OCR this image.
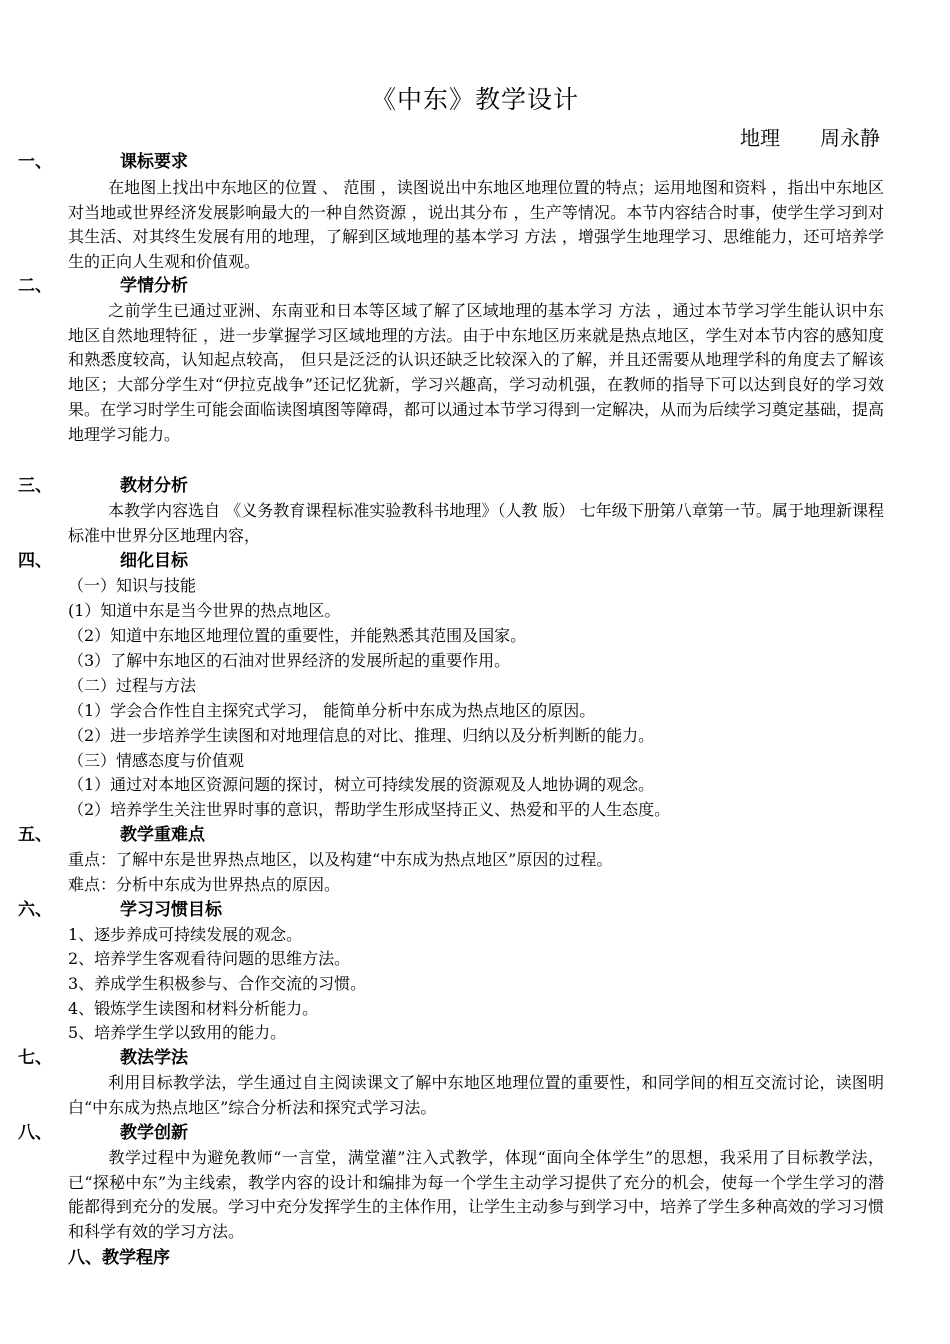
《中东》教学设计
地理　　周永静
一、	课标要求
在地图上找出中东地区的位置 、 范围 ，读图说出中东地区地理位置的特点；运用地图和资料 ，指出中东地区对当地或世界经济发展影响最大的一种自然资源 ，说出其分布 ，生产等情况。本节内容结合时事，使学生学习到对其生活、对其终生发展有用的地理，了解到区域地理的基本学习 方法 ，增强学生地理学习、思维能力，还可培养学生的正向人生观和价值观。
二、	学情分析
之前学生已通过亚洲、东南亚和日本等区域了解了区域地理的基本学习 方法 ，通过本节学习学生能认识中东地区自然地理特征 ，进一步掌握学习区域地理的方法。由于中东地区历来就是热点地区，学生对本节内容的感知度和熟悉度较高，认知起点较高， 但只是泛泛的认识还缺乏比较深入的了解，并且还需要从地理学科的角度去了解该地区；大部分学生对“伊拉克战争”还记忆犹新，学习兴趣高，学习动机强，在教师的指导下可以达到良好的学习效果。在学习时学生可能会面临读图填图等障碍，都可以通过本节学习得到一定解决，从而为后续学习奠定基础，提高地理学习能力。
三、	教材分析
本教学内容选自 《义务教育课程标准实验教科书地理》（人教 版） 七年级下册第八章第一节。属于地理新课程标准中世界分区地理内容，
四、	细化目标
（一）知识与技能
(1）知道中东是当今世界的热点地区。
（2）知道中东地区地理位置的重要性，并能熟悉其范围及国家。
（3）了解中东地区的石油对世界经济的发展所起的重要作用。
（二）过程与方法
（1）学会合作性自主探究式学习， 能简单分析中东成为热点地区的原因。
（2）进一步培养学生读图和对地理信息的对比、推理、归纳以及分析判断的能力。
（三）情感态度与价值观
（1）通过对本地区资源问题的探讨，树立可持续发展的资源观及人地协调的观念。
（2）培养学生关注世界时事的意识，帮助学生形成坚持正义、热爱和平的人生态度。
五、	教学重难点
重点：了解中东是世界热点地区，以及构建“中东成为热点地区”原因的过程。
难点：分析中东成为世界热点的原因。
六、	学习习惯目标
1、逐步养成可持续发展的观念。
2、培养学生客观看待问题的思维方法。
3、养成学生积极参与、合作交流的习惯。
4、锻炼学生读图和材料分析能力。
5、培养学生学以致用的能力。
七、	教法学法
利用目标教学法，学生通过自主阅读课文了解中东地区地理位置的重要性，和同学间的相互交流讨论，读图明白“中东成为热点地区”综合分析法和探究式学习法。
八、	教学创新
教学过程中为避免教师“一言堂，满堂灌”注入式教学，体现“面向全体学生”的思想，我采用了目标教学法，已“探秘中东”为主线索，教学内容的设计和编排为每一个学生主动学习提供了充分的机会，使每一个学生学习的潜能都得到充分的发展。学习中充分发挥学生的主体作用，让学生主动参与到学习中，培养了学生多种高效的学习习惯和科学有效的学习方法。
八、教学程序
